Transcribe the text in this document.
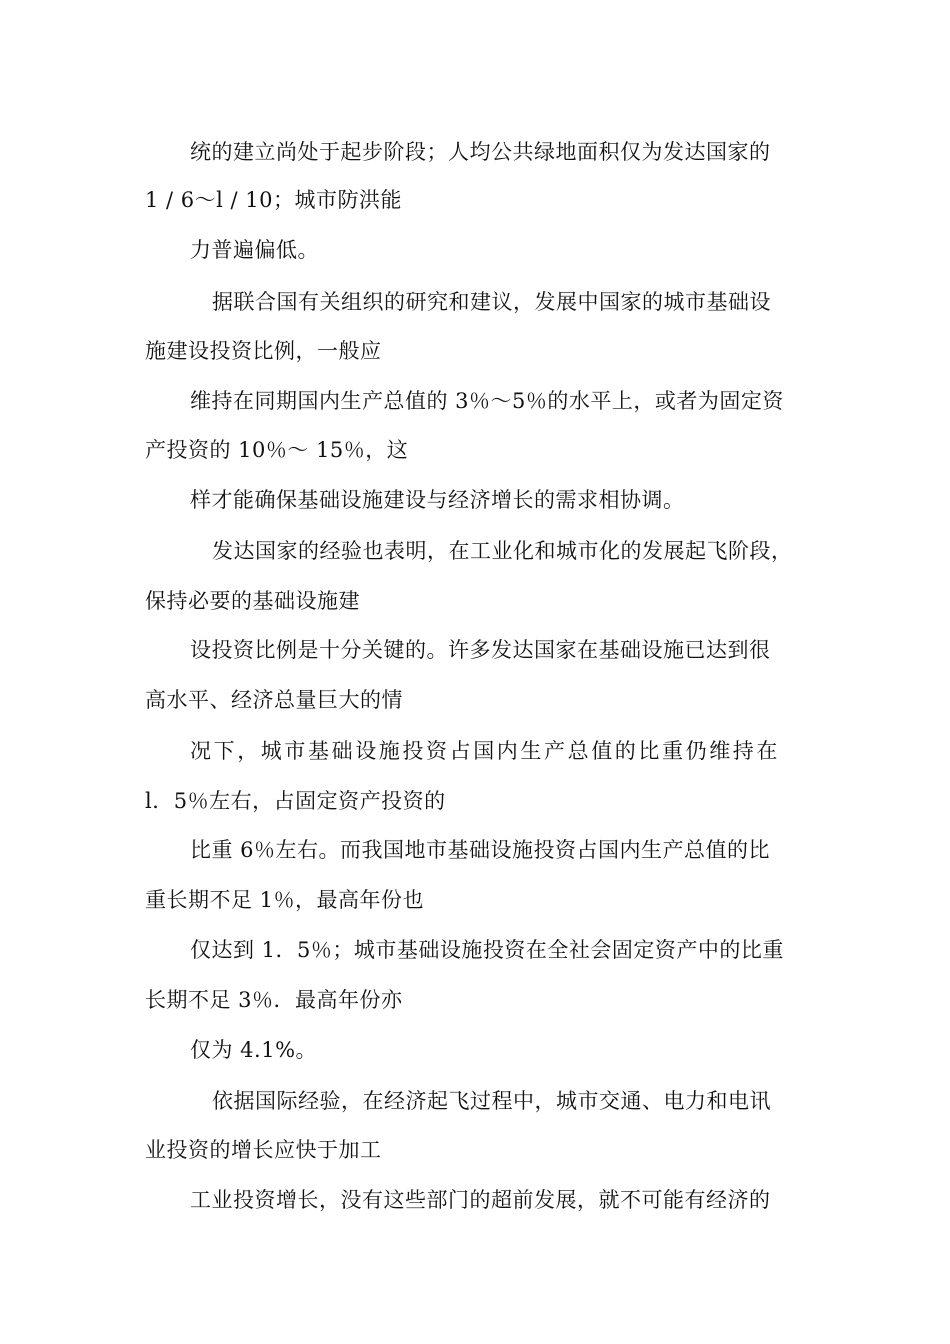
统的建立尚处于起步阶段；人均公共绿地面积仅为发达国家的
1 / 6～l / 10；城市防洪能
力普遍偏低。
据联合国有关组织的研究和建议，发展中国家的城市基础设
施建设投资比例，一般应
维持在同期国内生产总值的 3％～5％的水平上，或者为固定资
产投资的 10％～ 15％，这
样才能确保基础设施建设与经济增长的需求相协调。
发达国家的经验也表明，在工业化和城市化的发展起飞阶段，
保持必要的基础设施建
设投资比例是十分关键的。许多发达国家在基础设施已达到很
高水平、经济总量巨大的情
况下，城市基础设施投资占国内生产总值的比重仍维持在
l．5％左右，占固定资产投资的
比重 6％左右。而我国地市基础设施投资占国内生产总值的比
重长期不足 1％，最高年份也
仅达到 1．5％；城市基础设施投资在全社会固定资产中的比重
长期不足 3％．最高年份亦
仅为 4.1%。
依据国际经验，在经济起飞过程中，城市交通、电力和电讯
业投资的增长应快于加工
工业投资增长，没有这些部门的超前发展，就不可能有经济的
